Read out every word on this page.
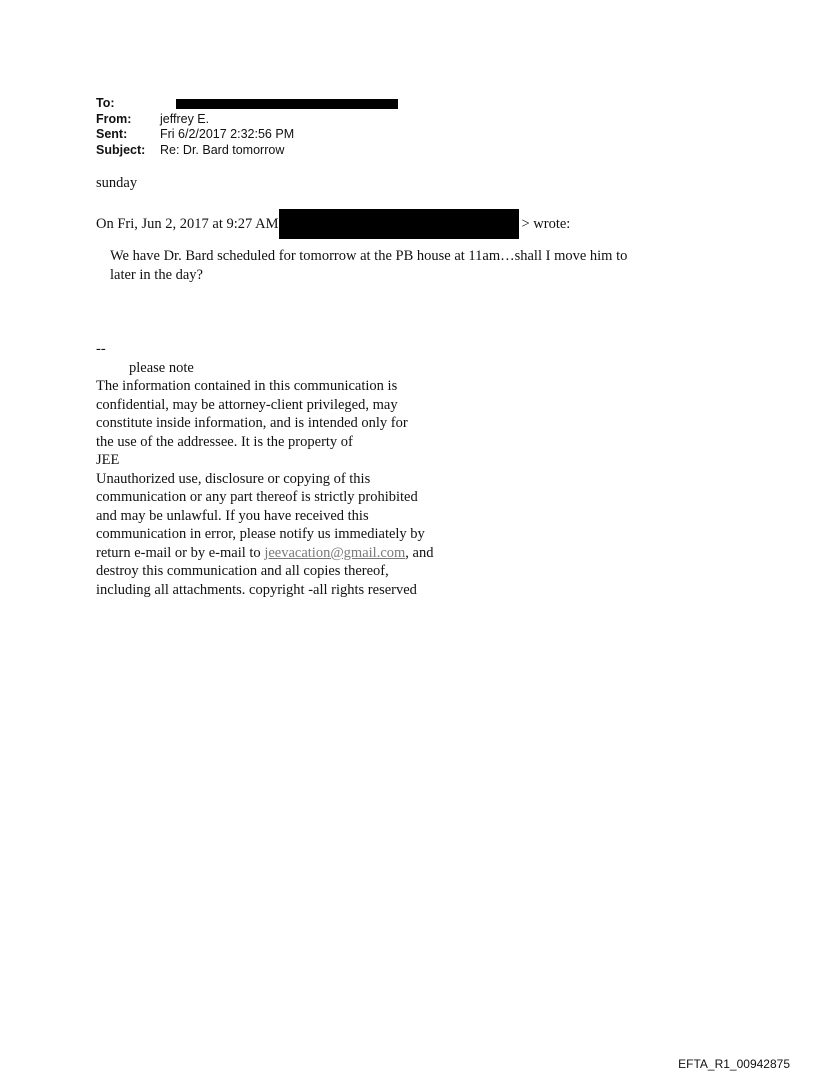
To:
From:	jeffrey E.
Sent:	Fri 6/2/2017 2:32:56 PM
Subject:	Re: Dr. Bard tomorrow
sunday
On Fri, Jun 2, 2017 at 9:27 AM	> wrote:
We have Dr. Bard scheduled for tomorrow at the PB house at 11am…shall I move him to
later in the day?
--
please note
The information contained in this communication is
confidential, may be attorney-client privileged, may
constitute inside information, and is intended only for
the use of the addressee. It is the property of
JEE
Unauthorized use, disclosure or copying of this
communication or any part thereof is strictly prohibited
and may be unlawful. If you have received this
communication in error, please notify us immediately by
return e-mail or by e-mail to jeevacation@gmail.com, and
destroy this communication and all copies thereof,
including all attachments. copyright -all rights reserved
EFTA_R1_00942875
